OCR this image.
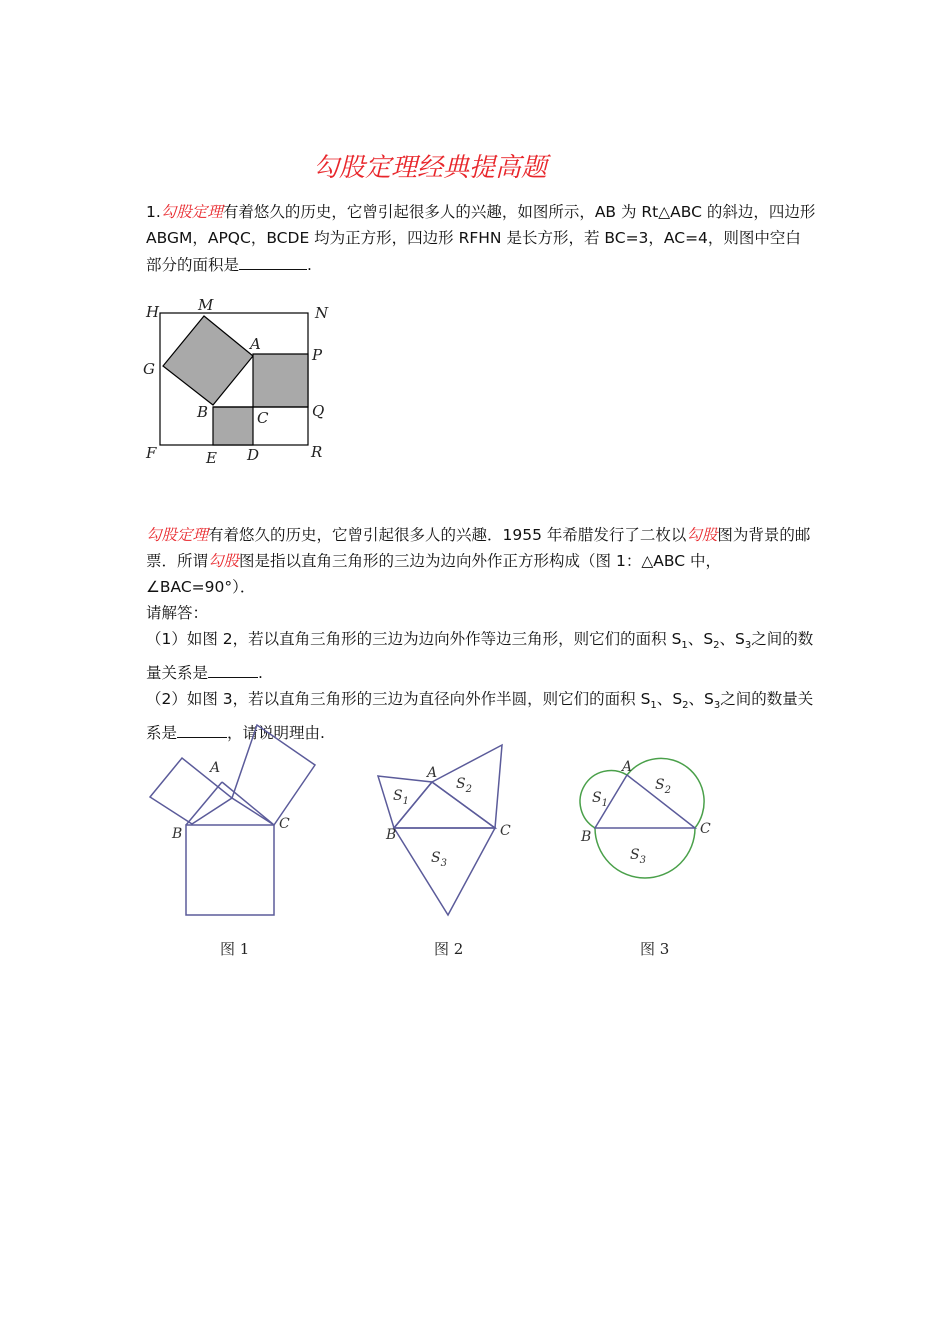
勾股定理经典提高题
1.勾股定理有着悠久的历史，它曾引起很多人的兴趣，如图所示，AB 为 Rt△ABC 的斜边，四边形 ABGM，APQC，BCDE 均为正方形，四边形 RFHN 是长方形，若 BC=3，AC=4，则图中空白部分的面积是	.
H	M	N
A
P
G
B	C	Q
F	E D	R
勾股定理有着悠久的历史，它曾引起很多人的兴趣．1955 年希腊发行了二枚以勾股图为背景的邮票．所谓勾股图是指以直角三角形的三边为边向外作正方形构成（图 1：△ABC 中，∠BAC=90°）．
请解答：
（1）如图 2，若以直角三角形的三边为边向外作等边三角形，则它们的面积 $S_1$、$S_2$、$S_3$之间的数量关系是	.
（2）如图 3，若以直角三角形的三边为直径向外作半圆，则它们的面积 $S_1$、$S_2$、$S_3$之间的数量关系是	，请说明理由.
A
B
C
图 1
A
B	C
$S_1$
$S_2$
$S_3$
图 2
A
B	C
$S_1$
$S_2$
$S_3$
图 3
